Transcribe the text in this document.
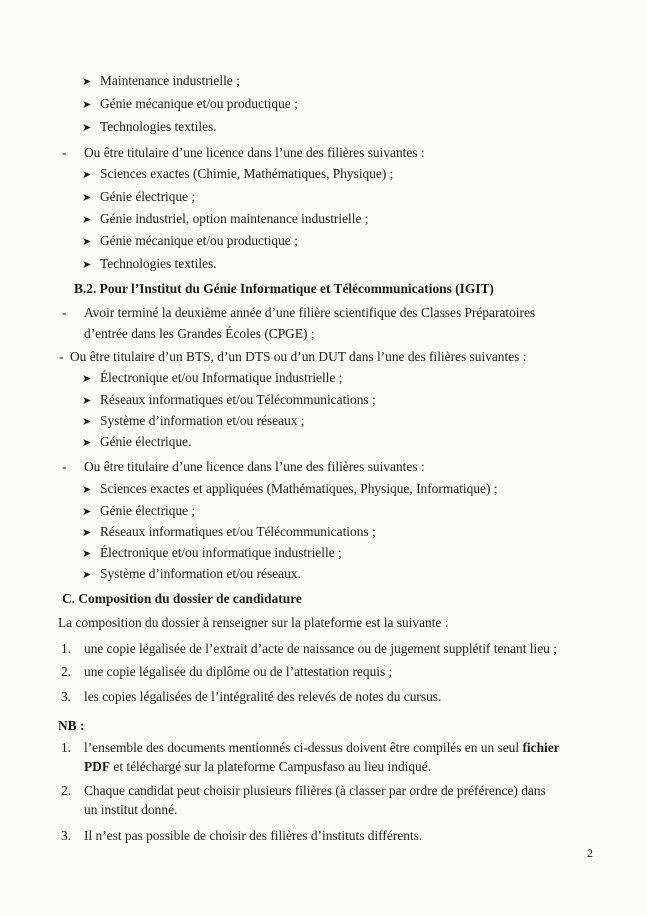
➤ Maintenance industrielle ;
➤ Génie mécanique et/ou productique ;
➤ Technologies textiles.
- Ou être titulaire d’une licence dans l’une des filières suivantes :
➤ Sciences exactes (Chimie, Mathématiques, Physique) ;
➤ Génie électrique ;
➤ Génie industriel, option maintenance industrielle ;
➤ Génie mécanique et/ou productique ;
➤ Technologies textiles.
B.2. Pour l’Institut du Génie Informatique et Télécommunications (IGIT)
- Avoir terminé la deuxième année d’une filière scientifique des Classes Préparatoires
d’entrée dans les Grandes Écoles (CPGE) ;
- Ou être titulaire d’un BTS, d’un DTS ou d’un DUT dans l’une des filières suivantes :
➤ Électronique et/ou Informatique industrielle ;
➤ Réseaux informatiques et/ou Télécommunications ;
➤ Système d’information et/ou réseaux ;
➤ Génie électrique.
- Ou être titulaire d’une licence dans l’une des filières suivantes :
➤ Sciences exactes et appliquées (Mathématiques, Physique, Informatique) ;
➤ Génie électrique ;
➤ Réseaux informatiques et/ou Télécommunications ;
➤ Électronique et/ou informatique industrielle ;
➤ Système d’information et/ou réseaux.
C. Composition du dossier de candidature
La composition du dossier à renseigner sur la plateforme est la suivante :
1. une copie légalisée de l’extrait d’acte de naissance ou de jugement supplétif tenant lieu ;
2. une copie légalisée du diplôme ou de l’attestation requis ;
3. les copies légalisées de l’intégralité des relevés de notes du cursus.
NB :
1. l’ensemble des documents mentionnés ci-dessus doivent être compilés en un seul fichier
PDF et téléchargé sur la plateforme Campusfaso au lieu indiqué.
2. Chaque candidat peut choisir plusieurs filières (à classer par ordre de préférence) dans
un institut donné.
3. Il n’est pas possible de choisir des filières d’instituts différents.
2
